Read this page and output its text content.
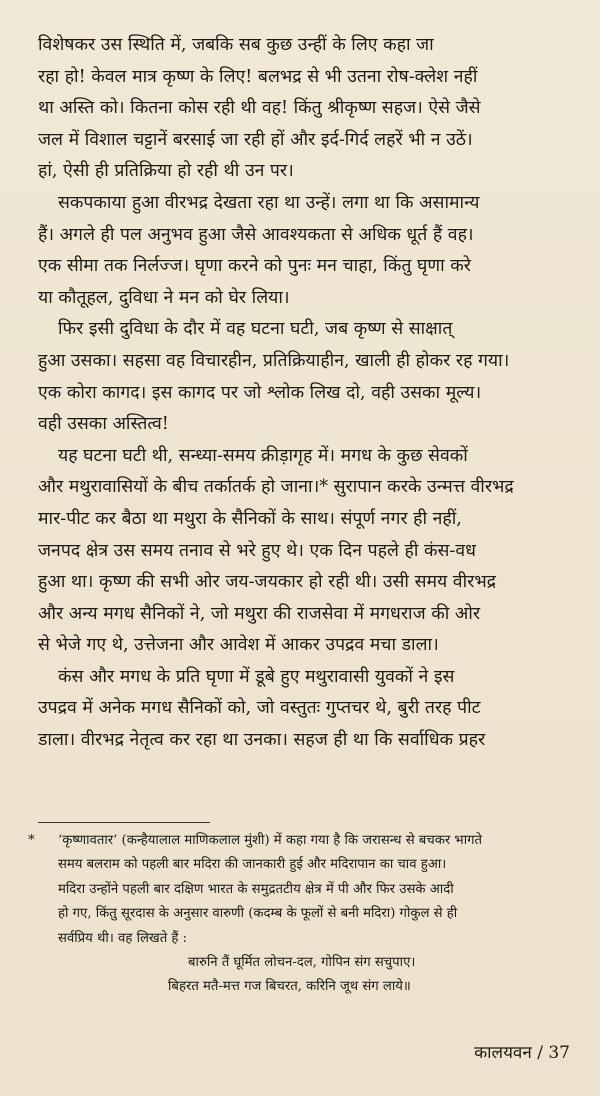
विशेषकर उस स्थिति में, जबकि सब कुछ उन्हीं के लिए कहा जा
रहा हो! केवल मात्र कृष्ण के लिए! बलभद्र से भी उतना रोष-क्लेश नहीं
था अस्ति को। कितना कोस रही थी वह! किंतु श्रीकृष्ण सहज। ऐसे जैसे
जल में विशाल चट्टानें बरसाई जा रही हों और इर्द-गिर्द लहरें भी न उठें।
हां, ऐसी ही प्रतिक्रिया हो रही थी उन पर।
सकपकाया हुआ वीरभद्र देखता रहा था उन्हें। लगा था कि असामान्य
हैं। अगले ही पल अनुभव हुआ जैसे आवश्यकता से अधिक धूर्त हैं वह।
एक सीमा तक निर्लज्ज। घृणा करने को पुनः मन चाहा, किंतु घृणा करे
या कौतूहल, दुविधा ने मन को घेर लिया।
फिर इसी दुविधा के दौर में वह घटना घटी, जब कृष्ण से साक्षात्
हुआ उसका। सहसा वह विचारहीन, प्रतिक्रियाहीन, खाली ही होकर रह गया।
एक कोरा कागद। इस कागद पर जो श्लोक लिख दो, वही उसका मूल्य।
वही उसका अस्तित्व!
यह घटना घटी थी, सन्ध्या-समय क्रीड़ागृह में। मगध के कुछ सेवकों
और मथुरावासियों के बीच तर्कातर्क हो जाना।* सुरापान करके उन्मत्त वीरभद्र
मार-पीट कर बैठा था मथुरा के सैनिकों के साथ। संपूर्ण नगर ही नहीं,
जनपद क्षेत्र उस समय तनाव से भरे हुए थे। एक दिन पहले ही कंस-वध
हुआ था। कृष्ण की सभी ओर जय-जयकार हो रही थी। उसी समय वीरभद्र
और अन्य मगध सैनिकों ने, जो मथुरा की राजसेवा में मगधराज की ओर
से भेजे गए थे, उत्तेजना और आवेश में आकर उपद्रव मचा डाला।
कंस और मगध के प्रति घृणा में डूबे हुए मथुरावासी युवकों ने इस
उपद्रव में अनेक मगध सैनिकों को, जो वस्तुतः गुप्तचर थे, बुरी तरह पीट
डाला। वीरभद्र नेतृत्व कर रहा था उनका। सहज ही था कि सर्वाधिक प्रहर
* ‘कृष्णावतार’ (कन्हैयालाल माणिकलाल मुंशी) में कहा गया है कि जरासन्ध से बचकर भागते
समय बलराम को पहली बार मदिरा की जानकारी हुई और मदिरापान का चाव हुआ।
मदिरा उन्होंने पहली बार दक्षिण भारत के समुद्रतटीय क्षेत्र में पी और फिर उसके आदी
हो गए, किंतु सूरदास के अनुसार वारुणी (कदम्ब के फूलों से बनी मदिरा) गोकुल से ही
सर्वप्रिय थी। वह लिखते हैं :
बारुनि तैं घूर्मित लोचन-दल, गोपिन संग सचुपाए।
बिहरत मतै-मत्त गज बिचरत, करिनि जूथ संग लाये॥
कालयवन / 37
